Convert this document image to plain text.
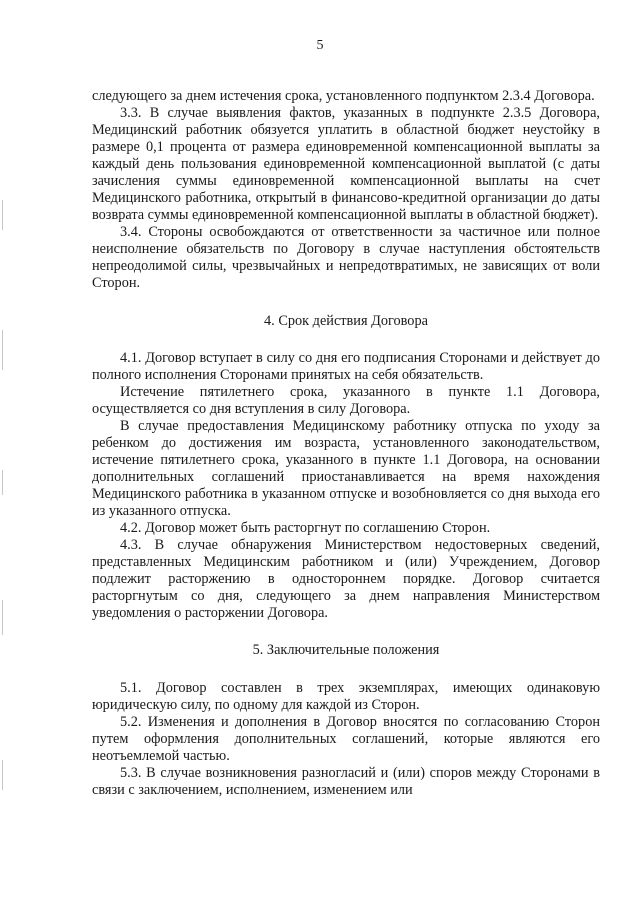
5

следующего за днем истечения срока, установленного подпунктом 2.3.4 Договора.

3.3. В случае выявления фактов, указанных в подпункте 2.3.5 Договора, Медицинский работник обязуется уплатить в областной бюджет неустойку в размере 0,1 процента от размера единовременной компенсационной выплаты за каждый день пользования единовременной компенсационной выплатой (с даты зачисления суммы единовременной компенсационной выплаты на счет Медицинского работника, открытый в финансово-кредитной организации до даты возврата суммы единовременной компенсационной выплаты в областной бюджет).

3.4. Стороны освобождаются от ответственности за частичное или полное неисполнение обязательств по Договору в случае наступления обстоятельств непреодолимой силы, чрезвычайных и непредотвратимых, не зависящих от воли Сторон.

4. Срок действия Договора

4.1. Договор вступает в силу со дня его подписания Сторонами и действует до полного исполнения Сторонами принятых на себя обязательств.

Истечение пятилетнего срока, указанного в пункте 1.1 Договора, осуществляется со дня вступления в силу Договора.

В случае предоставления Медицинскому работнику отпуска по уходу за ребенком до достижения им возраста, установленного законодательством, истечение пятилетнего срока, указанного в пункте 1.1 Договора, на основании дополнительных соглашений приостанавливается на время нахождения Медицинского работника в указанном отпуске и возобновляется со дня выхода его из указанного отпуска.

4.2. Договор может быть расторгнут по соглашению Сторон.

4.3. В случае обнаружения Министерством недостоверных сведений, представленных Медицинским работником и (или) Учреждением, Договор подлежит расторжению в одностороннем порядке. Договор считается расторгнутым со дня, следующего за днем направления Министерством уведомления о расторжении Договора.

5. Заключительные положения

5.1. Договор составлен в трех экземплярах, имеющих одинаковую юридическую силу, по одному для каждой из Сторон.

5.2. Изменения и дополнения в Договор вносятся по согласованию Сторон путем оформления дополнительных соглашений, которые являются его неотъемлемой частью.

5.3. В случае возникновения разногласий и (или) споров между Сторонами в связи с заключением, исполнением, изменением или
